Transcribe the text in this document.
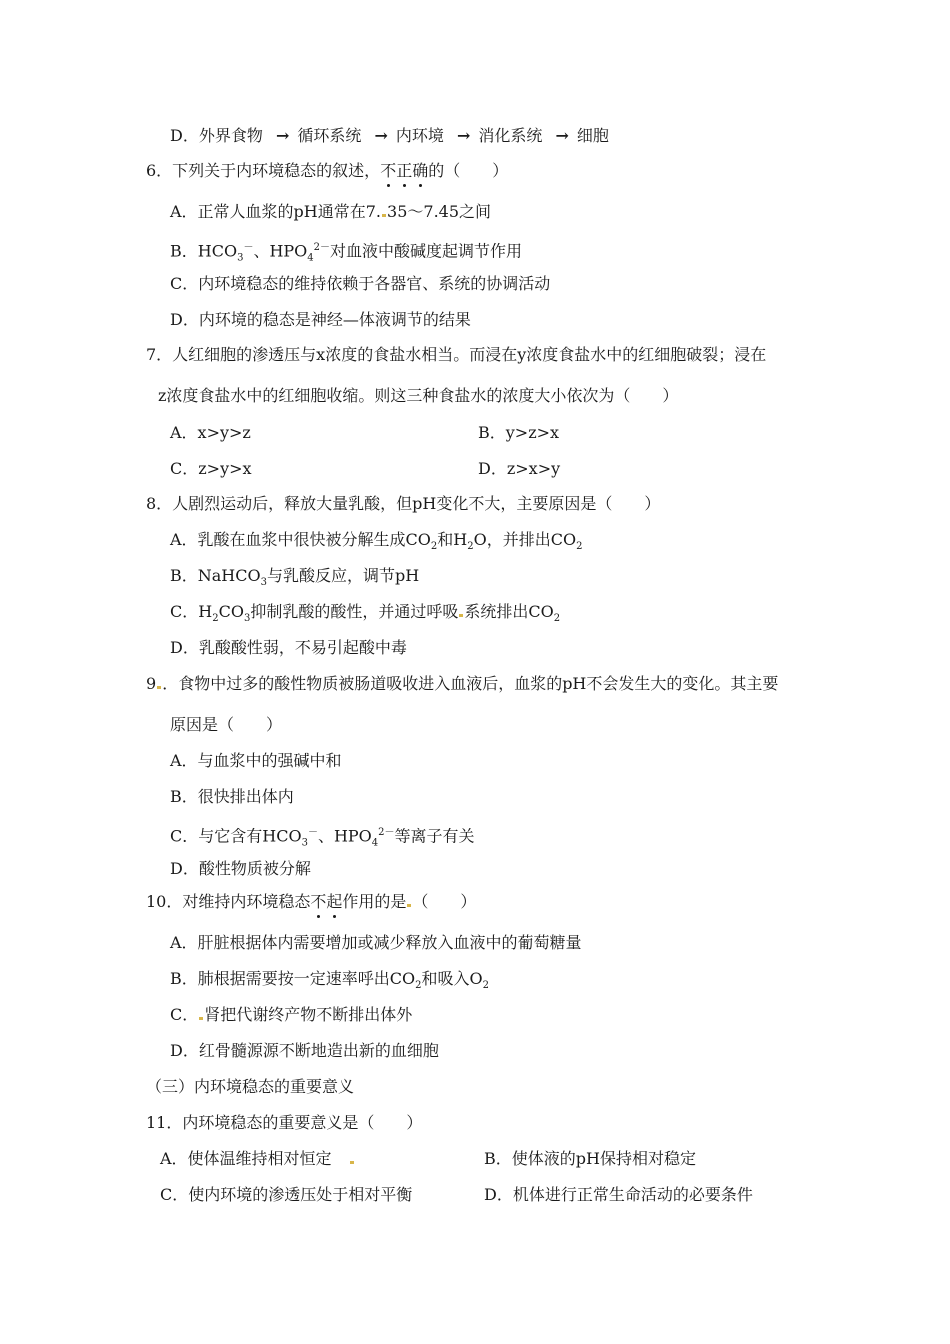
D．外界食物 → 循环系统 → 内环境 → 消化系统 → 细胞
6．下列关于内环境稳态的叙述，不正确的（　　）
A．正常人血浆的pH通常在7. 35～7.45之间
B．$HCO_3^-$、$HPO_4^{2-}$对血液中酸碱度起调节作用
C．内环境稳态的维持依赖于各器官、系统的协调活动
D．内环境的稳态是神经—体液调节的结果
7．人红细胞的渗透压与x浓度的食盐水相当。而浸在y浓度食盐水中的红细胞破裂；浸在
z浓度食盐水中的红细胞收缩。则这三种食盐水的浓度大小依次为（　　）
A．x>y>z	B．y>z>x
C．z>y>x	D．z>x>y
8．人剧烈运动后，释放大量乳酸，但pH变化不大，主要原因是（　　）
A．乳酸在血浆中很快被分解生成$CO_2$和$H_2O$，并排出$CO_2$
B．NaHCO$_3$与乳酸反应，调节pH
C．$H_2CO_3$抑制乳酸的酸性，并通过呼吸 系统排出$CO_2$
D．乳酸酸性弱，不易引起酸中毒
9 ．食物中过多的酸性物质被肠道吸收进入血液后，血浆的pH不会发生大的变化。其主要
原因是（　　）
A．与血浆中的强碱中和
B．很快排出体内
C．与它含有$HCO_3^-$、$HPO_4^{2-}$等离子有关
D．酸性物质被分解
10．对维持内环境稳态不起作用的是 （　　）
A．肝脏根据体内需要增加或减少释放入血液中的葡萄糖量
B．肺根据需要按一定速率呼出$CO_2$和吸入$O_2$
C． 肾把代谢终产物不断排出体外
D．红骨髓源源不断地造出新的血细胞
（三）内环境稳态的重要意义
11．内环境稳态的重要意义是（　　）
A．使体温维持相对恒定	B．使体液的pH保持相对稳定
C．使内环境的渗透压处于相对平衡	D．机体进行正常生命活动的必要条件
